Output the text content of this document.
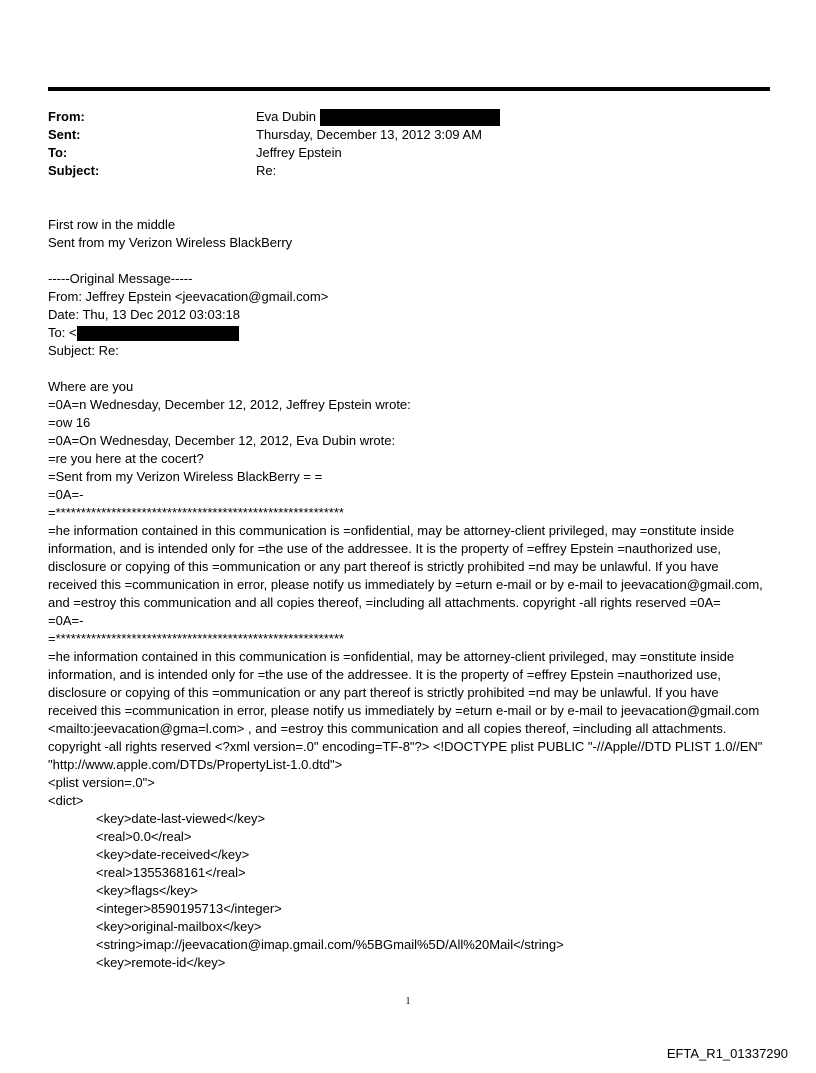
From:	Eva Dubin
Sent:	Thursday, December 13, 2012 3:09 AM
To:	Jeffrey Epstein
Subject:	Re:
First row in the middle
Sent from my Verizon Wireless BlackBerry
-----Original Message-----
From: Jeffrey Epstein <jeevacation@gmail.com>
Date: Thu, 13 Dec 2012 03:03:18
To: <
Subject: Re:
Where are you
=0A=n Wednesday, December 12, 2012, Jeffrey Epstein wrote:
=ow 16
=0A=On Wednesday, December 12, 2012, Eva Dubin wrote:
=re you here at the cocert?
=Sent from my Verizon Wireless BlackBerry = =
=0A=-
=*********************************************************
=he information contained in this communication is =onfidential, may be attorney-client privileged, may =onstitute inside information, and is intended only for =the use of the addressee. It is the property of =effrey Epstein =nauthorized use, disclosure or copying of this =ommunication or any part thereof is strictly prohibited =nd may be unlawful. If you have received this =communication in error, please notify us immediately by =eturn e-mail or by e-mail to jeevacation@gmail.com, and =estroy this communication and all copies thereof, =including all attachments. copyright -all rights reserved =0A=
=0A=-
=*********************************************************
=he information contained in this communication is =onfidential, may be attorney-client privileged, may =onstitute inside information, and is intended only for =the use of the addressee. It is the property of =effrey Epstein =nauthorized use, disclosure or copying of this =ommunication or any part thereof is strictly prohibited =nd may be unlawful. If you have received this =communication in error, please notify us immediately by =eturn e-mail or by e-mail to jeevacation@gmail.com <mailto:jeevacation@gma=l.com> , and =estroy this communication and all copies thereof, =including all attachments. copyright -all rights reserved <?xml version=.0" encoding=TF-8"?> <!DOCTYPE plist PUBLIC "-//Apple//DTD PLIST 1.0//EN" "http://www.apple.com/DTDs/PropertyList-1.0.dtd">
<plist version=.0">
<dict>
<key>date-last-viewed</key>
<real>0.0</real>
<key>date-received</key>
<real>1355368161</real>
<key>flags</key>
<integer>8590195713</integer>
<key>original-mailbox</key>
<string>imap://jeevacation@imap.gmail.com/%5BGmail%5D/All%20Mail</string>
<key>remote-id</key>
1
EFTA_R1_01337290
